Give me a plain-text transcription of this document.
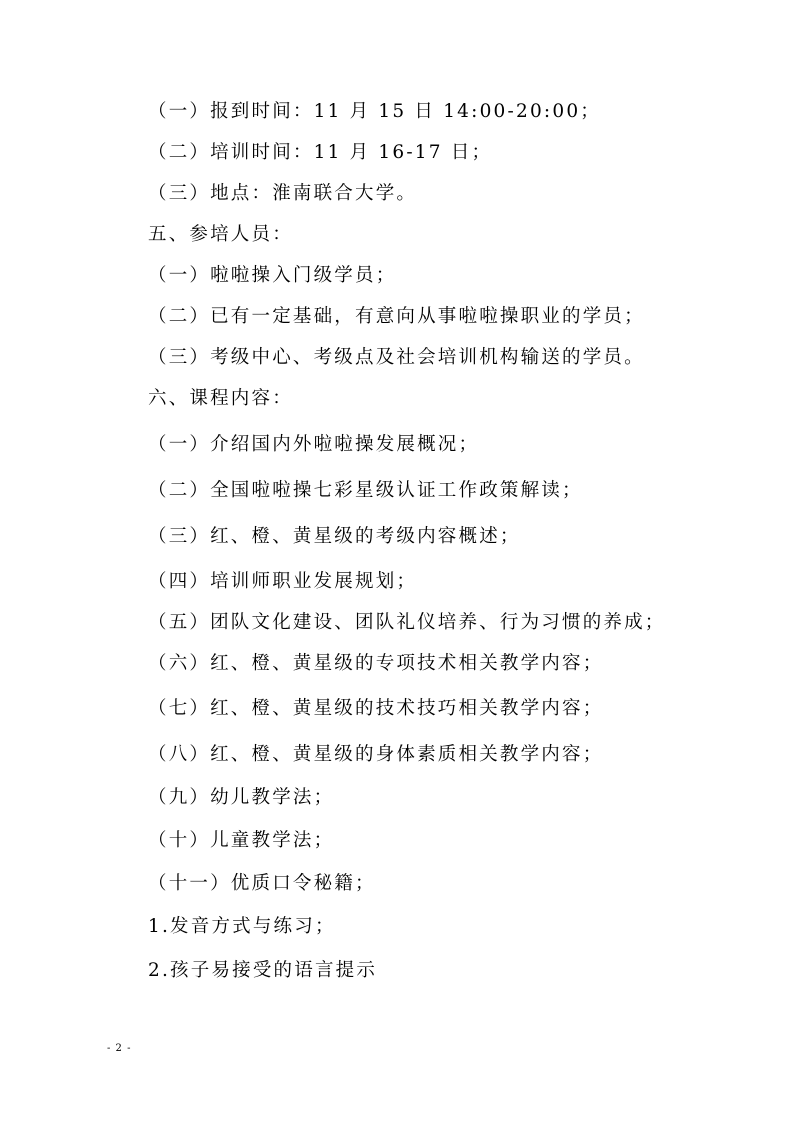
（一）报到时间：11 月 15 日 14:00-20:00；
（二）培训时间：11 月 16-17 日；
（三）地点：淮南联合大学。
五、参培人员：
（一）啦啦操入门级学员；
（二）已有一定基础，有意向从事啦啦操职业的学员；
（三）考级中心、考级点及社会培训机构输送的学员。
六、课程内容：
（一）介绍国内外啦啦操发展概况；
（二）全国啦啦操七彩星级认证工作政策解读；
（三）红、橙、黄星级的考级内容概述；
（四）培训师职业发展规划；
（五）团队文化建设、团队礼仪培养、行为习惯的养成；
（六）红、橙、黄星级的专项技术相关教学内容；
（七）红、橙、黄星级的技术技巧相关教学内容；
（八）红、橙、黄星级的身体素质相关教学内容；
（九）幼儿教学法；
（十）儿童教学法；
（十一）优质口令秘籍；
1.发音方式与练习；
2.孩子易接受的语言提示
- 2 -
